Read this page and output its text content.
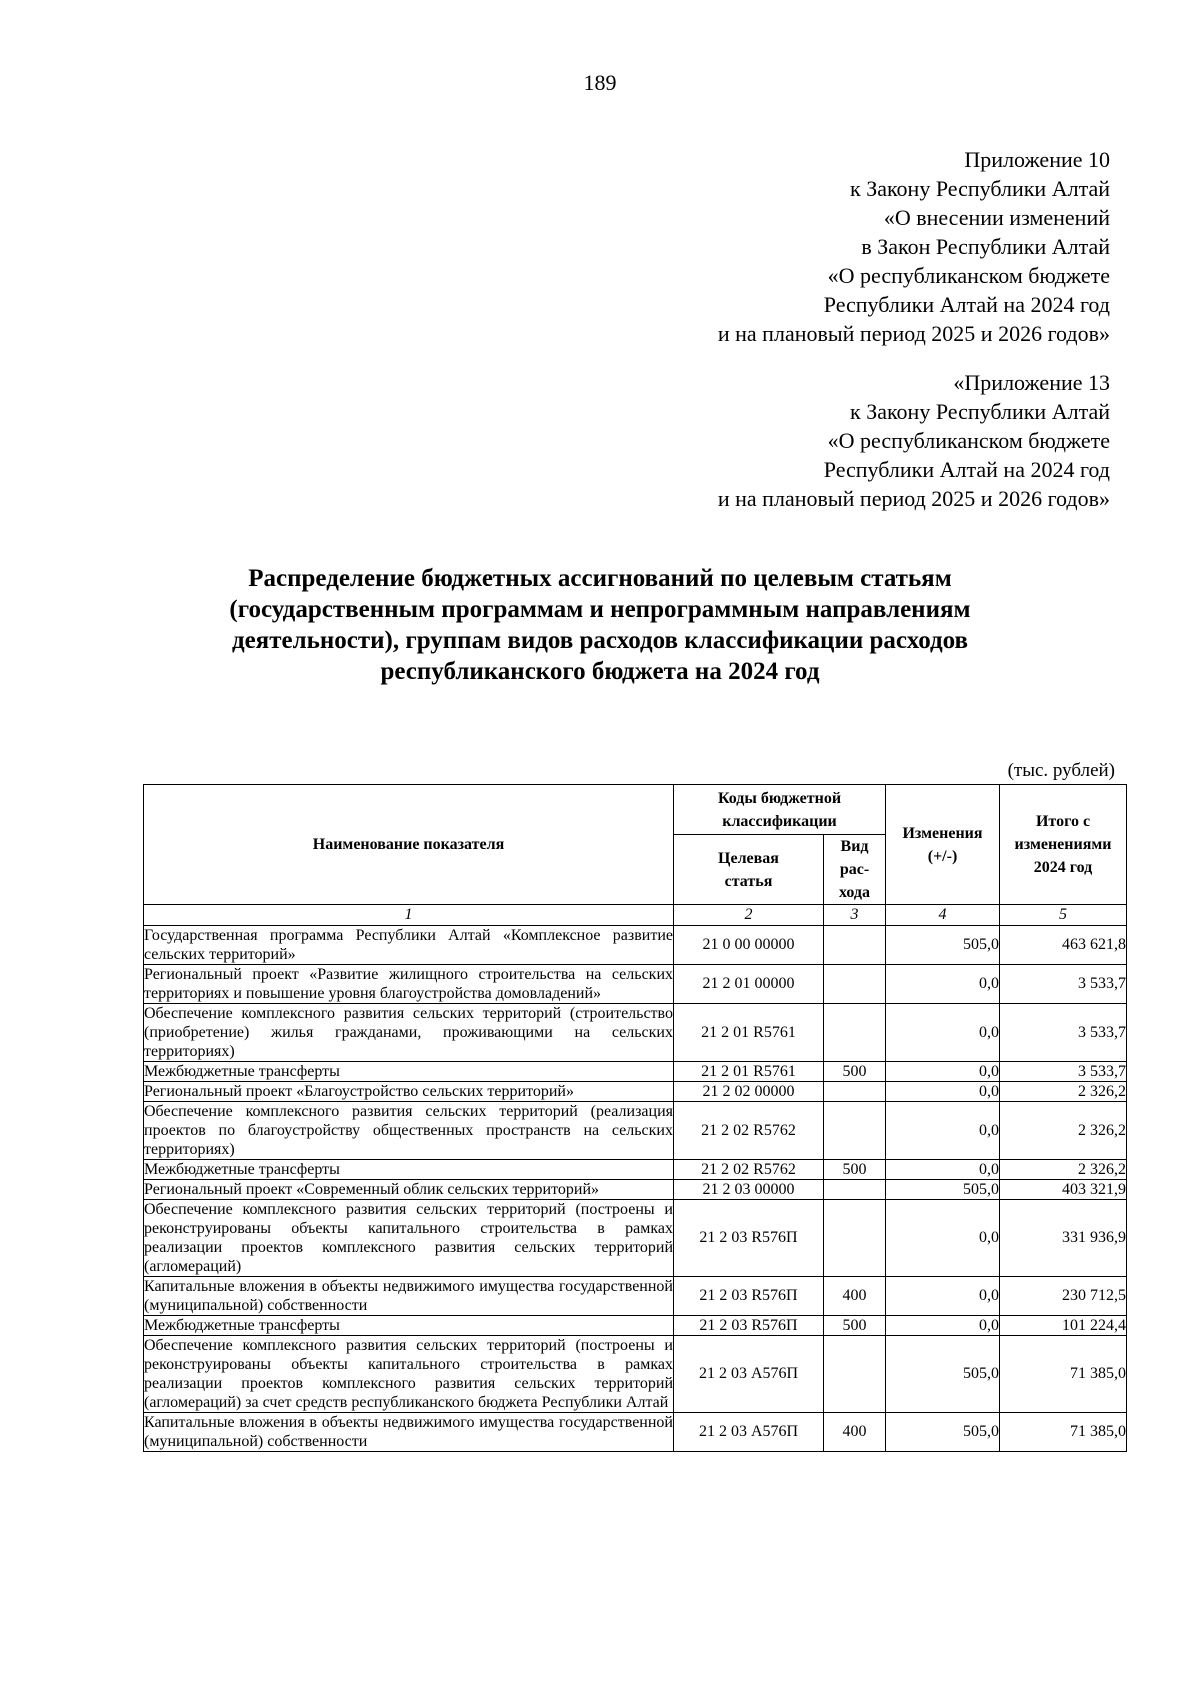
189
Приложение 10
к Закону Республики Алтай
«О внесении изменений
в Закон Республики Алтай
«О республиканском бюджете
Республики Алтай на 2024 год
и на плановый период 2025 и 2026 годов»
«Приложение 13
к Закону Республики Алтай
«О республиканском бюджете
Республики Алтай на 2024 год
и на плановый период 2025 и 2026 годов»
Распределение бюджетных ассигнований по целевым статьям
(государственным программам и непрограммным направлениям
деятельности), группам видов расходов классификации расходов
республиканского бюджета на 2024 год
(тыс. рублей)
Наименование показателя	Коды бюджетной классификации		Изменения (+/-)	Итого с изменениями 2024 год
	Целевая статья	Вид рас-хода		
1	2	3	4	5
Государственная программа Республики Алтай «Комплексное развитие сельских территорий»	21 0 00 00000		505,0	463 621,8
Региональный проект «Развитие жилищного строительства на сельских территориях и повышение уровня благоустройства домовладений»	21 2 01 00000		0,0	3 533,7
Обеспечение комплексного развития сельских территорий (строительство (приобретение) жилья гражданами, проживающими на сельских территориях)	21 2 01 R5761		0,0	3 533,7
Межбюджетные трансферты	21 2 01 R5761	500	0,0	3 533,7
Региональный проект «Благоустройство сельских территорий»	21 2 02 00000		0,0	2 326,2
Обеспечение комплексного развития сельских территорий (реализация проектов по благоустройству общественных пространств на сельских территориях)	21 2 02 R5762		0,0	2 326,2
Межбюджетные трансферты	21 2 02 R5762	500	0,0	2 326,2
Региональный проект «Современный облик сельских территорий»	21 2 03 00000		505,0	403 321,9
Обеспечение комплексного развития сельских территорий (построены и реконструированы объекты капитального строительства в рамках реализации проектов комплексного развития сельских территорий (агломераций)	21 2 03 R576П		0,0	331 936,9
Капитальные вложения в объекты недвижимого имущества государственной (муниципальной) собственности	21 2 03 R576П	400	0,0	230 712,5
Межбюджетные трансферты	21 2 03 R576П	500	0,0	101 224,4
Обеспечение комплексного развития сельских территорий (построены и реконструированы объекты капитального строительства в рамках реализации проектов комплексного развития сельских территорий (агломераций) за счет средств республиканского бюджета Республики Алтай	21 2 03 А576П		505,0	71 385,0
Капитальные вложения в объекты недвижимого имущества государственной (муниципальной) собственности	21 2 03 А576П	400	505,0	71 385,0
